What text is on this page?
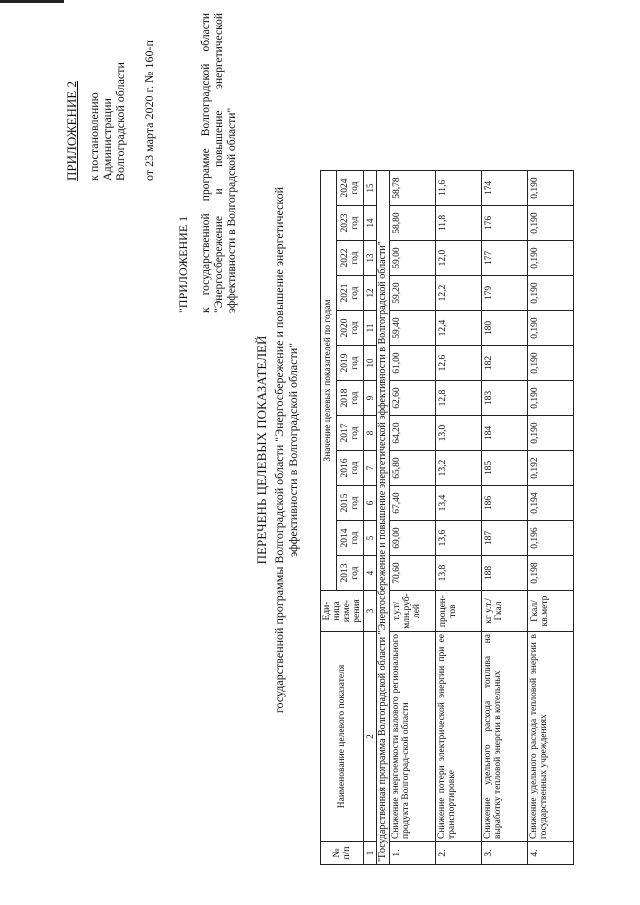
ПРИЛОЖЕНИЕ 2 к постановлению Администрации Волгоградской области от 23 марта 2020 г. № 160-п
"ПРИЛОЖЕНИЕ 1 к государственной программе Волгоградской области "Энергосбережение и повышение энергетической эффективности в Волгоградской области"
ПЕРЕЧЕНЬ ЦЕЛЕВЫХ ПОКАЗАТЕЛЕЙ государственной программы Волгоградской области "Энергосбережение и повышение энергетической эффективности в Волгоградской области"
№ п/п	Наименование целевого показателя	Еди-ница изме-рения	Значение целевых показателей по годам											
			2013 год	2014 год	2015 год	2016 год	2017 год	2018 год	2019 год	2020 год	2021 год	2022 год	2023 год	2024 год
1	2	3	4	5	6	7	8	9	10	11	12	13	14	15
"Государственная программа Волгоградской области "Энергосбережение и повышение энергетической эффективности в Волгоградской области"														
1.	Снижение энергоемкости валового регионального продукта Волгоград-ской области	т.у.т/ млн.руб-лей	70,60	69,00	67,40	65,80	64,20	62,60	61,00	59,40	59,20	59,00	58,80	58,78
2.	Снижение потери электрической энергии при ее транспортировке	процен-тов	13,8	13,6	13,4	13,2	13,0	12,8	12,6	12,4	12,2	12,0	11,8	11,6
3.	Снижение удельного расхода топлива на выработку тепловой энергии в котельных	кг у.т./ Гкал	188	187	186	185	184	183	182	180	179	177	176	174
4.	Снижение удельного расхода тепловой энергии в государственных учреждениях	Гкал/ кв.метр	0,198	0,196	0,194	0,192	0,190	0,190	0,190	0,190	0,190	0,190	0,190	0,190
